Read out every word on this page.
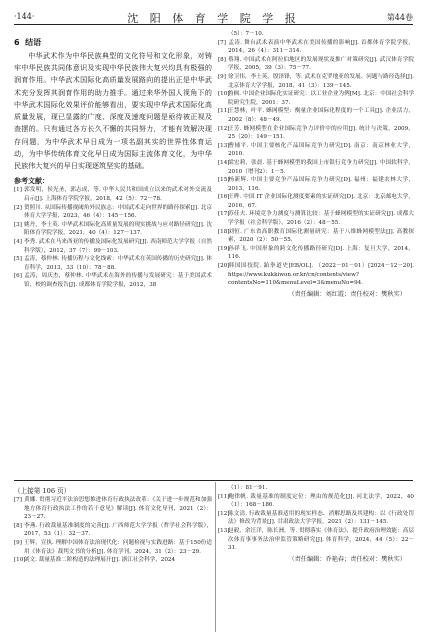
·144·	沈 阳 体 育 学 院 学 报	第44卷
6 结语
中华武术作为中华民族典型的文化符号和文化形象，对铸牢中华民族共同体意识及实现中华民族伟大复兴均具有极强的润育作用。中华武术国际化高质量发展路向的提出正是中华武术充分发挥其润育作用的助力推手。通过来华外国人视角下的中华武术国际化效果评价能够看出，要实现中华武术国际化高质量发展，现已显露的广度、深度及速度问题是亟待被正视及查摆的。只有通过各方长久不懈的共同努力，才能有效解决现存问题，为中华武术早日成为一项名副其实的世界性体育运动，为中华传统体育文化早日成为国际主流体育文化，为中华民族伟大复兴的早日实现逐筑坚实的基础。
参考文献：
[1] 郭发明，侯光圣，郭志成，等. 中华人民共和国成立以来的武术对外交流及启示[J]. 上海体育学院学报，2018，42（5）：72－78.
[2] 贺照川. 从国际传播视阈角外民族志：中国武术走向世界的路径探索[J]. 北京体育大学学报，2023，46（4）：145－156.
[3] 姚丹，李士英. 中华武术国际化高质量发展的现实挑战与应对路径研究[J]. 沈阳体育学院学报，2021，40（4）：127－137.
[4] 李秀. 武术在马来西亚的传播及国际化发展研究[J]. 西南师范大学学报（自然科学版），2012，37（7）：99－103.
[5] 孟涛，蔡仲林. 传播历程与文化线索：中华武术在英国传播的历史研究[J]. 体育科学，2013，33（10）：78－88.
[6] 孟涛，周庆杰，蔡仲林. 中华武术在海外的传播与发展研究：基于美国武术馆，校的调查报告[J]. 成都体育学院学报，2012，38
（5）：7－10.
[7] 孟涛. 舞台武术表演中华武术在美国传播的影响[J]. 首都体育学院学报，2014，26（4）：311－314.
[8] 蔡翔. 中国武术在阿拉伯地区的发展现状及推广对策研究[J]. 武汉体育学院学报，2005，39（3）：75－77.
[9] 徐卫伟，李士英，殷泽锋，等. 武术在克罗地亚的发展、问题与路径选择[J]. 北京体育大学学报，2018，41（3）：139－145.
[10]鲁枫. 中国企业国际化实证研究：以工业企业为例[M]. 北京：中国社会科学院研究生院，2001：37.
[11]王慧林，叶平. 蜂网模型：衡量企业国际化程度的一个工具[J]. 企业活力，2002（8）：48－49.
[12]王芳. 蜂网模型在企业国际竞争力评价中的应用[J]. 统计与决策，2009，25（20）：149－151.
[13]曹辅平. 中国主要核化产品国际竞争力研究[D]. 南京：南京林业大学，2010.
[14]梁宏莉，张晨. 基于蜂网模型的我国上市银行竞争力研究[J]. 中国软科学，2010（增刊2）：1－5.
[15]杨新辉. 中国主要竞争产品国际竞争力研究[D]. 福州：福建农林大学，2013，116.
[16]王晔. 中国 IT 企业国际化测度要素的实证研究[D]. 北京：北京邮电大学，2016，67.
[17]苏佳夫. 环境竞争力测度与测算比较：基于蜂网模型的实证研究[J]. 成都大学学报（社会科学版），2016（2）：48－55.
[18]刘恒. 广东省高职教育国际化测量研究：基于八维蜂网模型法[J]. 高教探索，2020（2）：50－55.
[19]孙祥飞. 中国形象的跨文化传播路径研究[D]. 上海：复旦大学，2014，116.
[20]韩国国技院. 跆拳道史[EB/OL]. （2022－01－01）[2024－12－20]. https://www.kukkiwon.or.kr/cn/contents/view?contentsNo=110&menuLevel=3&menuNo=94.
（责任编辑：刘红霞；责任校对：樊秋实）
（上接第 106 页）
[7] 黄娜. 贯彻习近平法治思想推进体育行政执法改革：《关于进一步规范和加强地方体育行政执法工作的若干意见》解读[J]. 体育文化导刊，2021（2）：23－27.
[8] 李燕. 行政裁量基准制度的完善[J]. 广西师范大学学报（哲学社会科学版），2017，53（1）：32－37.
[9] 王辉，宣执. 理解中国体育法治现代化：问题检视与实践进路：基于150份适用《体育法》裁判文书的分析[J]. 体育学刊，2024，31（2）：23－29.
[10]刘文. 裁量基准二阶构造的法理展开[J]. 浙江社会科学，2024
（1）：81－91.
[11]鲍律帆. 裁量基准的制度定位：理由的规范化[J]. 河北法学，2022，40（1）：168－186.
[12]陈文清. 行政裁量基准适用的现实样态、消解思路及其建构：以《行政处罚法》修改为背景[J]. 甘肃政法大学学报，2021（2）：131－145.
[13]赵毅，余汪洋，陈长洲，等. 贯彻落实《体育法》，提升政府治理效能：高层次体育事事务法治审监管策略研究[J]. 体育科学，2024，44（5）：22－31.
（责任编辑：乔艳春；责任校对：樊秋实）
